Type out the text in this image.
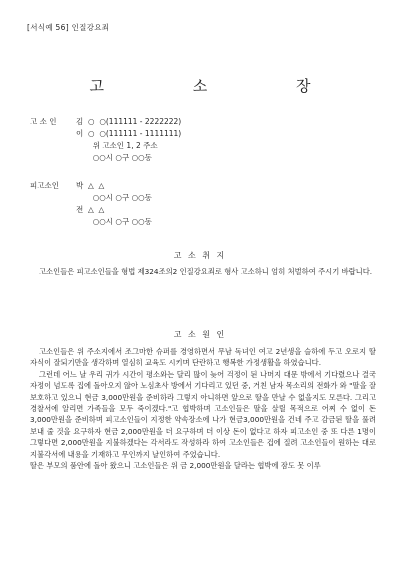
[서식예 56] 인질강요죄
고 소 장
고 소 인	김  ○  ○(111111 - 2222222)
이  ○  ○(111111 - 1111111)
위 고소인 1, 2 주소
○○시 ○구 ○○동
피고소인	박  △  △
○○시 ○구 ○○동
전  △  △
○○시 ○구 ○○동
고 소 취 지

고소인들은 피고소인들을 형법 제324조의2 인질강요죄로 형사 고소하니 엄히 처벌하여 주시기 바랍니다.

고 소 원 인

고소인들은 위 주소지에서 조그마한 슈퍼를 경영하면서 무남 독녀인 여고 2년생을 슬하에 두고 오로지 딸자식이 잘되기만을 생각하며 열심히 교육도 시키며 단란하고 행복한 가정생활을 하였습니다.

그런데 어느 날 우리 귀가 시간이 평소와는 달리 많이 늦어 걱정이 된 나머지 대문 밖에서 기다렸으나 결국 자정이 넘도록 집에 돌아오지 않아 노심초사 방에서 기다리고 있던 중, 거친 남자 목소리의 전화가 와 "딸을 잘 보호하고 있으니 현금 3,000만원을 준비하라 그렇지 아니하면 앞으로 딸을 만날 수 없을지도 모른다. 그리고 경찰서에 알리면 가족들을 모두 죽이겠다."고 협박하며 고소인들은 딸을 살릴 목적으로 어찌 수 없이 돈 3,000만원을 준비하며 피고소인들이 지정한 약속장소에 나가 현금3,000만원을 건네 주고 감금된 딸을 풀려보내 줄 것을 요구하자 현금 2,000만원을 더 요구하며 더 이상 돈이 없다고 하자 피고소인 중 또 다른 1명이 그렇다면 2,000만원을 지불하겠다는 각서라도 작성하라 하여 고소인들은 겁에 질려 고소인들이 원하는 대로 지불각서에 내용을 기재하고 무인까지 날인하여 주었습니다.

딸은 부모의 품안에 돌아 왔으니 고소인들은 위 금 2,000만원을 달라는 협박에 잠도 못 이루
